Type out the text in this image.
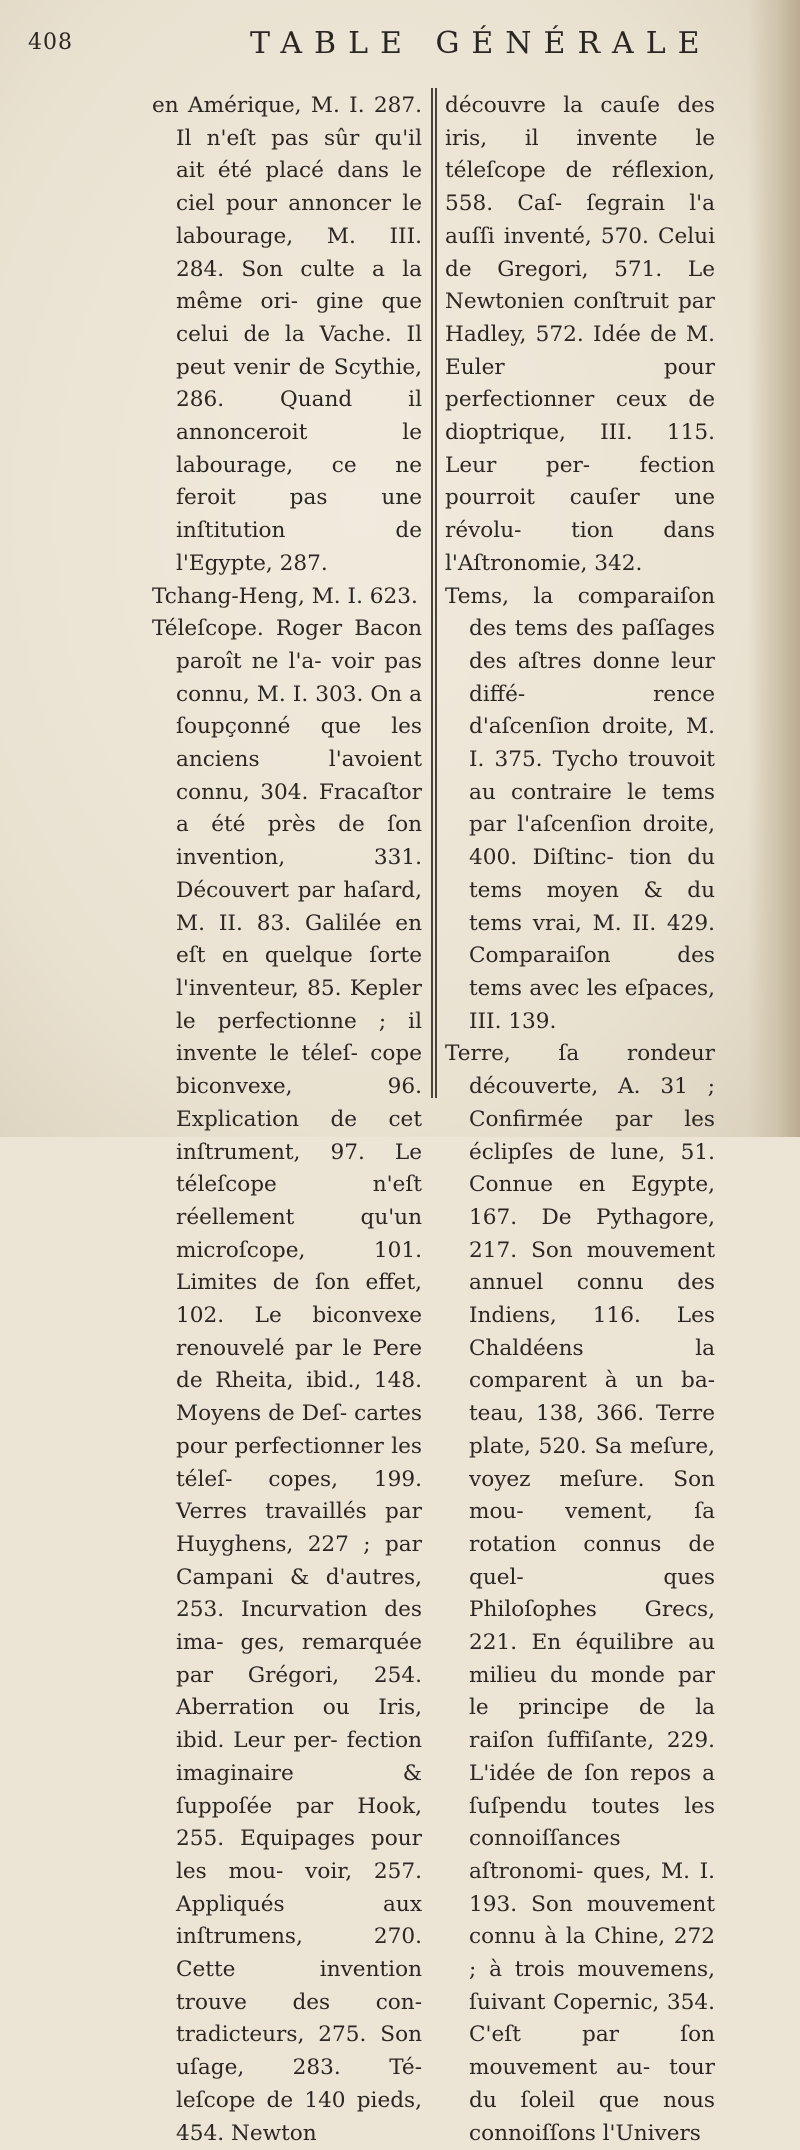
408	TABLE GÉNÉRALE

en Amérique, M. I. 287. Il n'eſt pas sûr qu'il ait été placé dans le ciel pour annoncer le labourage, M. III. 284. Son culte a la même ori- gine que celui de la Vache. Il peut venir de Scythie, 286. Quand il annonceroit le labourage, ce ne feroit pas une inſtitution de l'Egypte, 287.

Tchang-Heng, M. I. 623.

Téleſcope. Roger Bacon paroît ne l'a- voir pas connu, M. I. 303. On a ſoupçonné que les anciens l'avoient connu, 304. Fracaſtor a été près de ſon invention, 331. Découvert par haſard, M. II. 83. Galilée en eſt en quelque ſorte l'inventeur, 85. Kepler le perfectionne ; il invente le téleſ- cope biconvexe, 96. Explication de cet inſtrument, 97. Le téleſcope n'eſt réellement qu'un microſcope, 101. Limites de ſon effet, 102. Le biconvexe renouvelé par le Pere de Rheita, ibid., 148. Moyens de Deſ- cartes pour perfectionner les téleſ- copes, 199. Verres travaillés par Huyghens, 227 ; par Campani & d'autres, 253. Incurvation des ima- ges, remarquée par Grégori, 254. Aberration ou Iris, ibid. Leur per- fection imaginaire & ſuppoſée par Hook, 255. Equipages pour les mou- voir, 257. Appliqués aux inſtrumens, 270. Cette invention trouve des con- tradicteurs, 275. Son uſage, 283. Té- leſcope de 140 pieds, 454. Newton

découvre la cauſe des iris, il invente le téleſcope de réflexion, 558. Caſ- ſegrain l'a auſſi inventé, 570. Celui de Gregori, 571. Le Newtonien conſtruit par Hadley, 572. Idée de M. Euler pour perfectionner ceux de dioptrique, III. 115. Leur per- fection pourroit cauſer une révolu- tion dans l'Aſtronomie, 342.

Tems, la comparaiſon des tems des paſſages des aſtres donne leur diffé- rence d'aſcenſion droite, M. I. 375. Tycho trouvoit au contraire le tems par l'aſcenſion droite, 400. Diſtinc- tion du tems moyen & du tems vrai, M. II. 429. Comparaiſon des tems avec les eſpaces, III. 139.

Terre, ſa rondeur découverte, A. 31 ; Confirmée par les éclipſes de lune, 51. Connue en Egypte, 167. De Pythagore, 217. Son mouvement annuel connu des Indiens, 116. Les Chaldéens la comparent à un ba- teau, 138, 366. Terre plate, 520. Sa meſure, voyez meſure. Son mou- vement, ſa rotation connus de quel- ques Philoſophes Grecs, 221. En équilibre au milieu du monde par le principe de la raiſon ſuffiſante, 229. L'idée de ſon repos a ſuſpendu toutes les connoiſſances aſtronomi- ques, M. I. 193. Son mouvement connu à la Chine, 272 ; à trois mouvemens, ſuivant Copernic, 354. C'eſt par ſon mouvement au- tour du ſoleil que nous connoiſſons l'Univers
